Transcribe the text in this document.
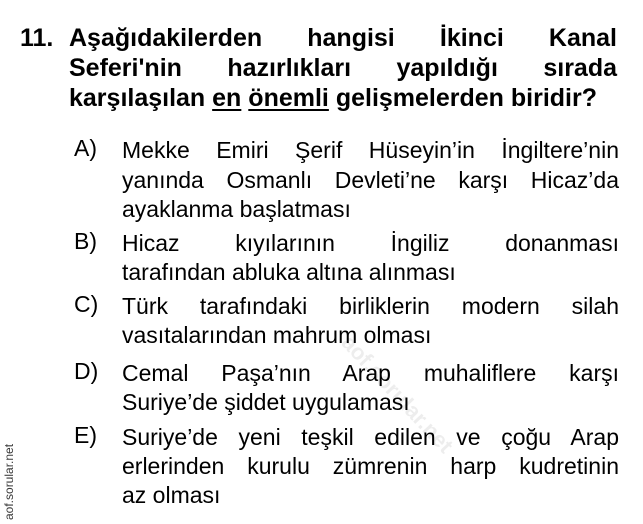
11. Aşağıdakilerden hangisi İkinci Kanal
Seferi'nin hazırlıkları yapıldığı sırada
karşılaşılan en önemli gelişmelerden biridir?
A) Mekke Emiri Şerif Hüseyin’in İngiltere’nin
yanında Osmanlı Devleti’ne karşı Hicaz’da
ayaklanma başlatması
B) Hicaz kıyılarının İngiliz donanması
tarafından abluka altına alınması
C) Türk tarafındaki birliklerin modern silah
vasıtalarından mahrum olması
D) Cemal Paşa’nın Arap muhaliflere karşı
Suriye’de şiddet uygulaması
E) Suriye’de yeni teşkil edilen ve çoğu Arap
erlerinden kurulu zümrenin harp kudretinin
az olması
aof.sorular.net
aof.sorular.net
